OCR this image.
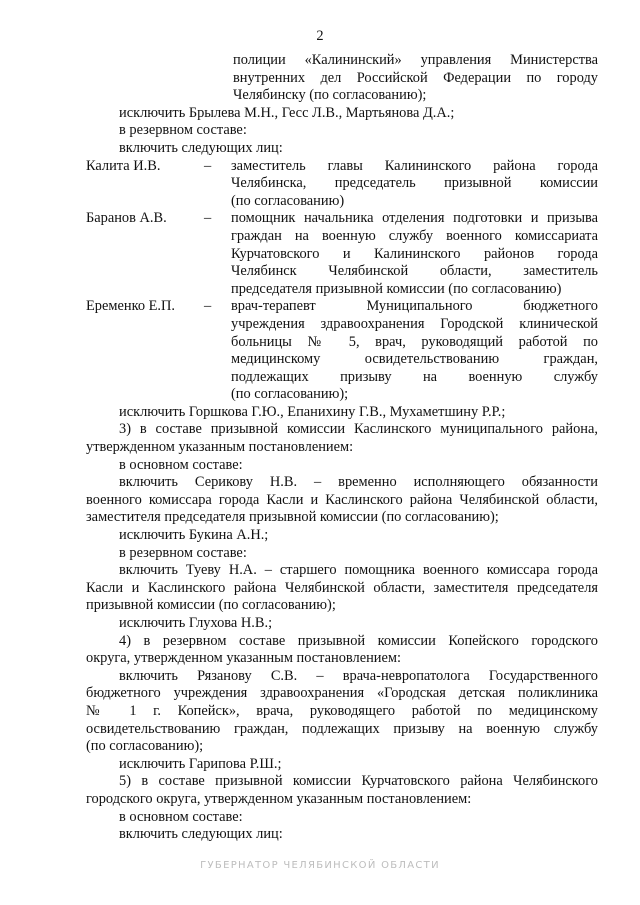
2

полиции «Калининский» управления Министерства

внутренних дел Российской Федерации по городу

Челябинску (по согласованию);

исключить Брылева М.Н., Гесс Л.В., Мартьянова Д.А.;

в резервном составе:

включить следующих лиц:

Калита И.В.	–	заместитель главы Калининского района города

Челябинска, председатель призывной комиссии

(по согласованию)

Баранов А.В.	–	помощник начальника отделения подготовки и призыва

граждан на военную службу военного комиссариата

Курчатовского и Калининского районов города

Челябинск Челябинской области, заместитель

председателя призывной комиссии (по согласованию)

Еременко Е.П.	–	врач-терапевт Муниципального бюджетного

учреждения здравоохранения Городской клинической

больницы № 5, врач, руководящий работой по

медицинскому освидетельствованию граждан,

подлежащих призыву на военную службу

(по согласованию);

исключить Горшкова Г.Ю., Епанихину Г.В., Мухаметшину Р.Р.;

3) в составе призывной комиссии Каслинского муниципального района,

утвержденном указанным постановлением:

в основном составе:

включить Серикову Н.В. – временно исполняющего обязанности

военного комиссара города Касли и Каслинского района Челябинской области,

заместителя председателя призывной комиссии (по согласованию);

исключить Букина А.Н.;

в резервном составе:

включить Туеву Н.А. – старшего помощника военного комиссара города

Касли и Каслинского района Челябинской области, заместителя председателя

призывной комиссии (по согласованию);

исключить Глухова Н.В.;

4) в резервном составе призывной комиссии Копейского городского

округа, утвержденном указанным постановлением:

включить Рязанову С.В. – врача-невропатолога Государственного

бюджетного учреждения здравоохранения «Городская детская поликлиника

№ 1 г. Копейск», врача, руководящего работой по медицинскому

освидетельствованию граждан, подлежащих призыву на военную службу

(по согласованию);

исключить Гарипова Р.Ш.;

5) в составе призывной комиссии Курчатовского района Челябинского

городского округа, утвержденном указанным постановлением:

в основном составе:

включить следующих лиц:

ГУБЕРНАТОР ЧЕЛЯБИНСКОЙ ОБЛАСТИ
